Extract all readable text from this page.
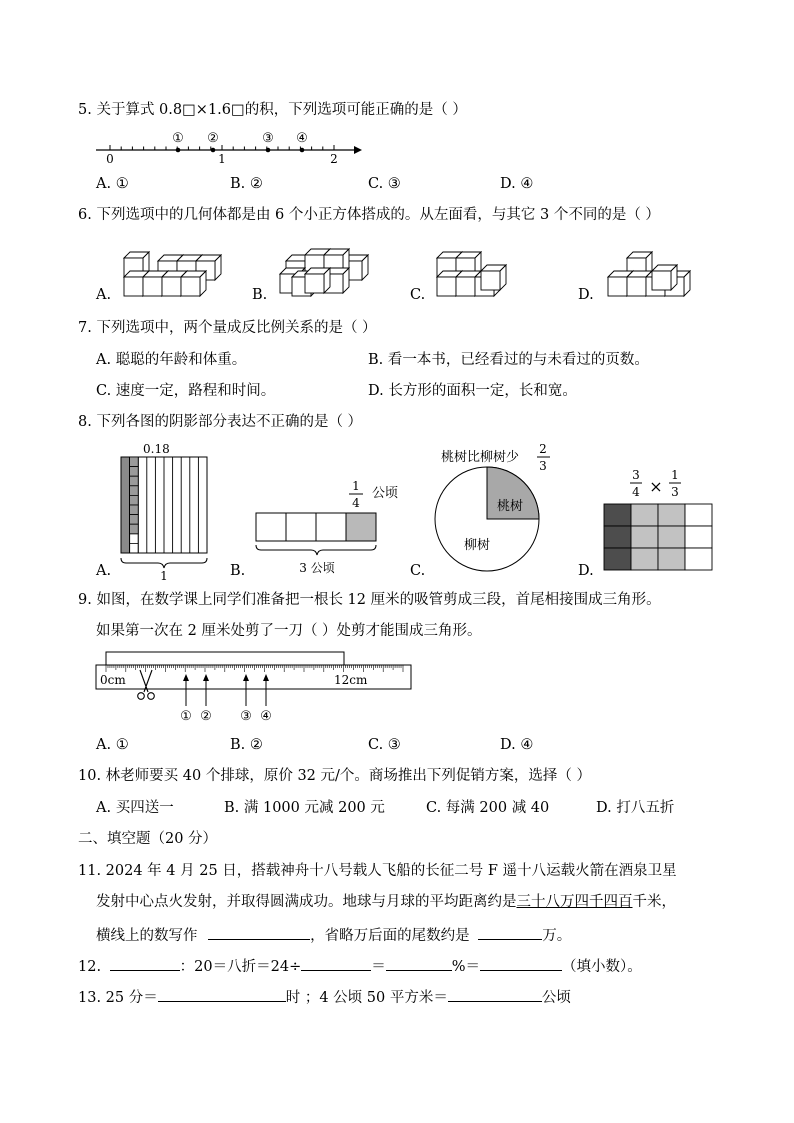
5. 关于算式 0.8□×1.6□的积，下列选项可能正确的是（ ）
① ②	③ ④
0	1	2
A. ①	B. ②	C. ③	D. ④
6. 下列选项中的几何体都是由 6 个小正方体搭成的。从左面看，与其它 3 个不同的是（ ）
A.	B.	C.	D.
7. 下列选项中，两个量成反比例关系的是（ ）
A. 聪聪的年龄和体重。	B. 看一本书，已经看过的与未看过的页数。
C. 速度一定，路程和时间。	D. 长方形的面积一定，长和宽。
8. 下列各图的阴影部分表达不正确的是（ ）
0.18
1
1
4
公顷
3 公顷
桃树比柳树少
2
3
桃树
柳树
3
4 ×
1
3
A.	B.	C.	D.
9. 如图，在数学课上同学们准备把一根长 12 厘米的吸管剪成三段，首尾相接围成三角形。
如果第一次在 2 厘米处剪了一刀（ ）处剪才能围成三角形。
0cm	12cm
① ② ③ ④
A. ①	B. ②	C. ③	D. ④
10. 林老师要买 40 个排球，原价 32 元/个。商场推出下列促销方案，选择（ ）
A. 买四送一	B. 满 1000 元减 200 元	C. 每满 200 减 40	D. 打八五折
二、填空题（20 分）
11. 2024 年 4 月 25 日，搭载神舟十八号载人飞船的长征二号 F 遥十八运载火箭在酒泉卫星
发射中心点火发射，并取得圆满成功。地球与月球的平均距离约是三十八万四千四百千米，
横线上的数写作	，省略万后面的尾数约是	万。
12.	：20＝八折＝24÷	＝	%＝	（填小数）。
13. 25 分＝	时 ；4 公顷 50 平方米＝	公顷
